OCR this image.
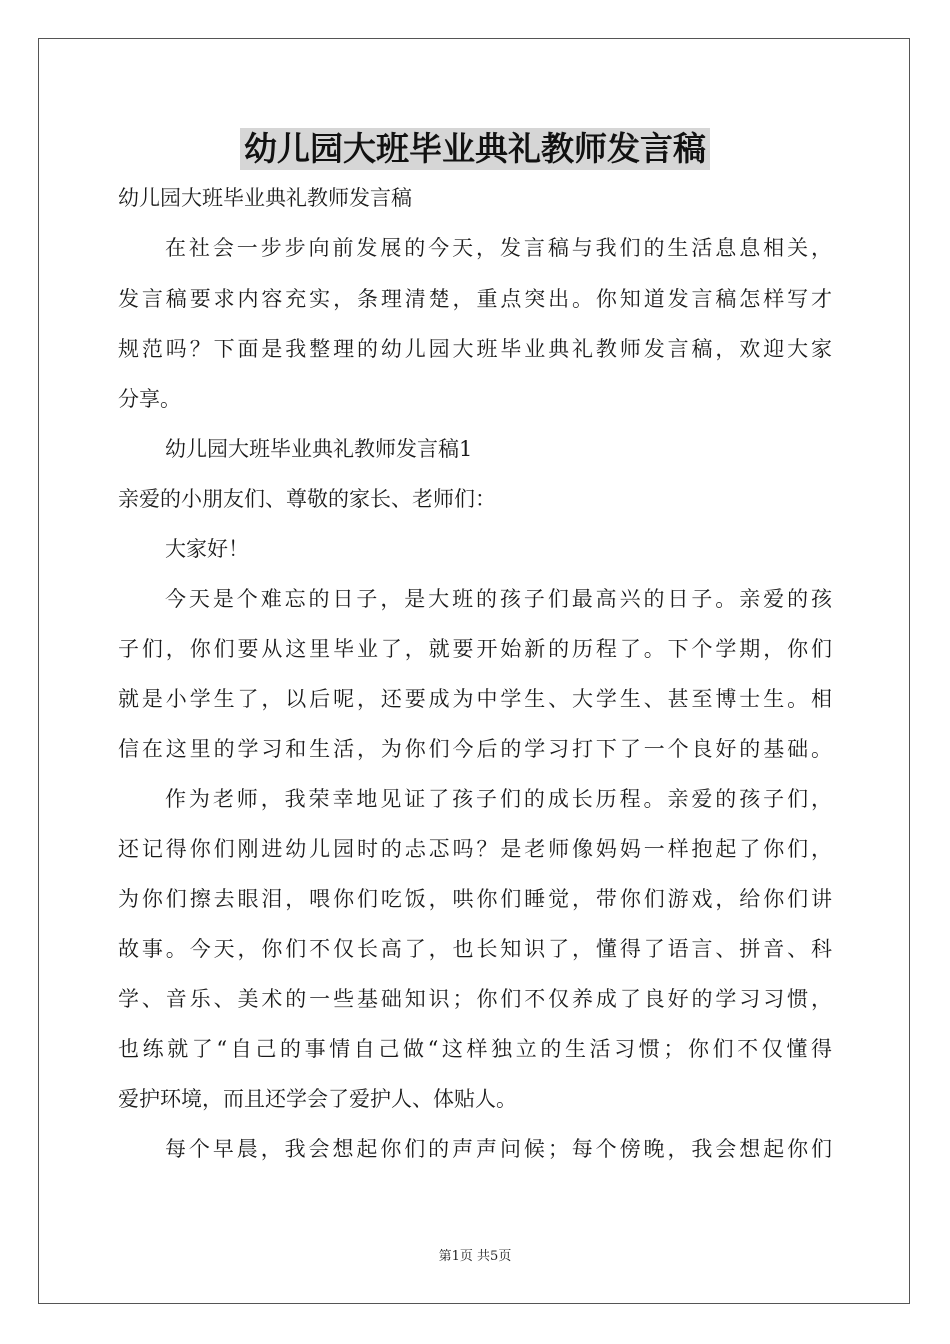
幼儿园大班毕业典礼教师发言稿

幼儿园大班毕业典礼教师发言稿

在社会一步步向前发展的今天，发言稿与我们的生活息息相关，

发言稿要求内容充实，条理清楚，重点突出。你知道发言稿怎样写才

规范吗？下面是我整理的幼儿园大班毕业典礼教师发言稿，欢迎大家

分享。

幼儿园大班毕业典礼教师发言稿1

亲爱的小朋友们、尊敬的家长、老师们：

大家好！

今天是个难忘的日子，是大班的孩子们最高兴的日子。亲爱的孩

子们，你们要从这里毕业了，就要开始新的历程了。下个学期，你们

就是小学生了，以后呢，还要成为中学生、大学生、甚至博士生。相

信在这里的学习和生活，为你们今后的学习打下了一个良好的基础。

作为老师，我荣幸地见证了孩子们的成长历程。亲爱的孩子们，

还记得你们刚进幼儿园时的忐忑吗？是老师像妈妈一样抱起了你们，

为你们擦去眼泪，喂你们吃饭，哄你们睡觉，带你们游戏，给你们讲

故事。今天，你们不仅长高了，也长知识了，懂得了语言、拼音、科

学、音乐、美术的一些基础知识；你们不仅养成了良好的学习习惯，

也练就了“自己的事情自己做“这样独立的生活习惯；你们不仅懂得

爱护环境，而且还学会了爱护人、体贴人。

每个早晨，我会想起你们的声声问候；每个傍晚，我会想起你们

第1页 共5页
